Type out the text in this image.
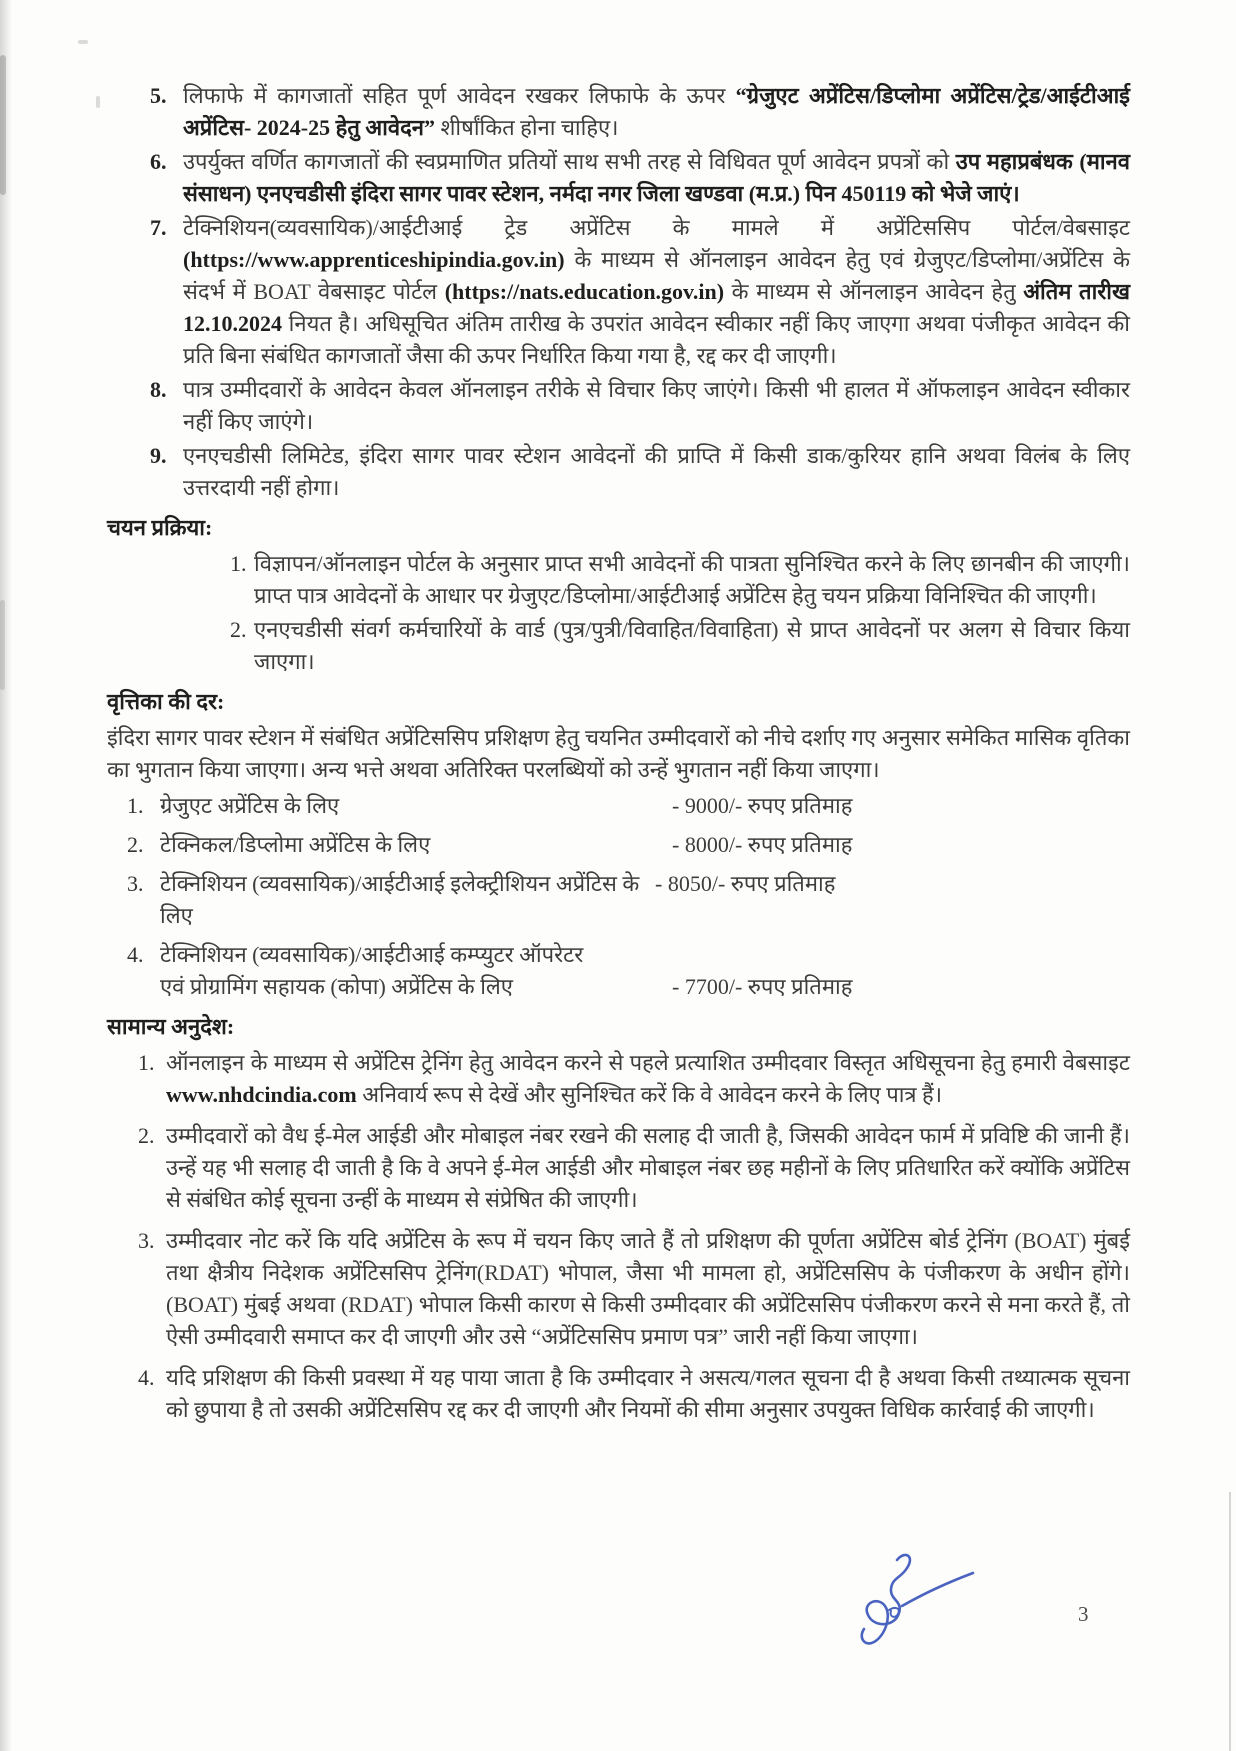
5. लिफाफे में कागजातों सहित पूर्ण आवेदन रखकर लिफाफे के ऊपर “ग्रेजुएट अप्रेंटिस/डिप्लोमा अप्रेंटिस/ट्रेड/आईटीआई अप्रेंटिस- 2024-25 हेतु आवेदन” शीर्षांकित होना चाहिए।
6. उपर्युक्त वर्णित कागजातों की स्वप्रमाणित प्रतियों साथ सभी तरह से विधिवत पूर्ण आवेदन प्रपत्रों को उप महाप्रबंधक (मानव संसाधन) एनएचडीसी इंदिरा सागर पावर स्टेशन, नर्मदा नगर जिला खण्डवा (म.प्र.) पिन 450119 को भेजे जाएं।
7. टेक्निशियन(व्यवसायिक)/आईटीआई ट्रेड अप्रेंटिस के मामले में अप्रेंटिससिप पोर्टल/वेबसाइट (https://www.apprenticeshipindia.gov.in) के माध्यम से ऑनलाइन आवेदन हेतु एवं ग्रेजुएट/डिप्लोमा/अप्रेंटिस के संदर्भ में BOAT वेबसाइट पोर्टल (https://nats.education.gov.in) के माध्यम से ऑनलाइन आवेदन हेतु अंतिम तारीख 12.10.2024 नियत है। अधिसूचित अंतिम तारीख के उपरांत आवेदन स्वीकार नहीं किए जाएगा अथवा पंजीकृत आवेदन की प्रति बिना संबंधित कागजातों जैसा की ऊपर निर्धारित किया गया है, रद्द कर दी जाएगी।
8. पात्र उम्मीदवारों के आवेदन केवल ऑनलाइन तरीके से विचार किए जाएंगे। किसी भी हालत में ऑफलाइन आवेदन स्वीकार नहीं किए जाएंगे।
9. एनएचडीसी लिमिटेड, इंदिरा सागर पावर स्टेशन आवेदनों की प्राप्ति में किसी डाक/कुरियर हानि अथवा विलंब के लिए उत्तरदायी नहीं होगा।
चयन प्रक्रिया:
1. विज्ञापन/ऑनलाइन पोर्टल के अनुसार प्राप्त सभी आवेदनों की पात्रता सुनिश्चित करने के लिए छानबीन की जाएगी। प्राप्त पात्र आवेदनों के आधार पर ग्रेजुएट/डिप्लोमा/आईटीआई अप्रेंटिस हेतु चयन प्रक्रिया विनिश्चित की जाएगी।
2. एनएचडीसी संवर्ग कर्मचारियों के वार्ड (पुत्र/पुत्री/विवाहित/विवाहिता) से प्राप्त आवेदनों पर अलग से विचार किया जाएगा।
वृत्तिका की दर:
इंदिरा सागर पावर स्टेशन में संबंधित अप्रेंटिससिप प्रशिक्षण हेतु चयनित उम्मीदवारों को नीचे दर्शाए गए अनुसार समेकित मासिक वृतिका का भुगतान किया जाएगा। अन्य भत्ते अथवा अतिरिक्त परलब्धियों को उन्हें भुगतान नहीं किया जाएगा।
1. ग्रेजुएट अप्रेंटिस के लिए	- 9000/- रुपए प्रतिमाह
2. टेक्निकल/डिप्लोमा अप्रेंटिस के लिए	- 8000/- रुपए प्रतिमाह
3. टेक्निशियन (व्यवसायिक)/आईटीआई इलेक्ट्रीशियन अप्रेंटिस के लिए
- 8050/- रुपए प्रतिमाह
4. टेक्निशियन (व्यवसायिक)/आईटीआई कम्प्युटर ऑपरेटर
एवं प्रोग्रामिंग सहायक (कोपा) अप्रेंटिस के लिए	- 7700/- रुपए प्रतिमाह
सामान्य अनुदेश:
1. ऑनलाइन के माध्यम से अप्रेंटिस ट्रेनिंग हेतु आवेदन करने से पहले प्रत्याशित उम्मीदवार विस्तृत अधिसूचना हेतु हमारी वेबसाइट www.nhdcindia.com अनिवार्य रूप से देखें और सुनिश्चित करें कि वे आवेदन करने के लिए पात्र हैं।
2. उम्मीदवारों को वैध ई-मेल आईडी और मोबाइल नंबर रखने की सलाह दी जाती है, जिसकी आवेदन फार्म में प्रविष्टि की जानी हैं। उन्हें यह भी सलाह दी जाती है कि वे अपने ई-मेल आईडी और मोबाइल नंबर छह महीनों के लिए प्रतिधारित करें क्योंकि अप्रेंटिस से संबंधित कोई सूचना उन्हीं के माध्यम से संप्रेषित की जाएगी।
3. उम्मीदवार नोट करें कि यदि अप्रेंटिस के रूप में चयन किए जाते हैं तो प्रशिक्षण की पूर्णता अप्रेंटिस बोर्ड ट्रेनिंग (BOAT) मुंबई तथा क्षैत्रीय निदेशक अप्रेंटिससिप ट्रेनिंग(RDAT) भोपाल, जैसा भी मामला हो, अप्रेंटिससिप के पंजीकरण के अधीन होंगे। (BOAT) मुंबई अथवा (RDAT) भोपाल किसी कारण से किसी उम्मीदवार की अप्रेंटिससिप पंजीकरण करने से मना करते हैं, तो ऐसी उम्मीदवारी समाप्त कर दी जाएगी और उसे “अप्रेंटिससिप प्रमाण पत्र” जारी नहीं किया जाएगा।
4. यदि प्रशिक्षण की किसी प्रवस्था में यह पाया जाता है कि उम्मीदवार ने असत्य/गलत सूचना दी है अथवा किसी तथ्यात्मक सूचना को छुपाया है तो उसकी अप्रेंटिससिप रद्द कर दी जाएगी और नियमों की सीमा अनुसार उपयुक्त विधिक कार्रवाई की जाएगी।
3
